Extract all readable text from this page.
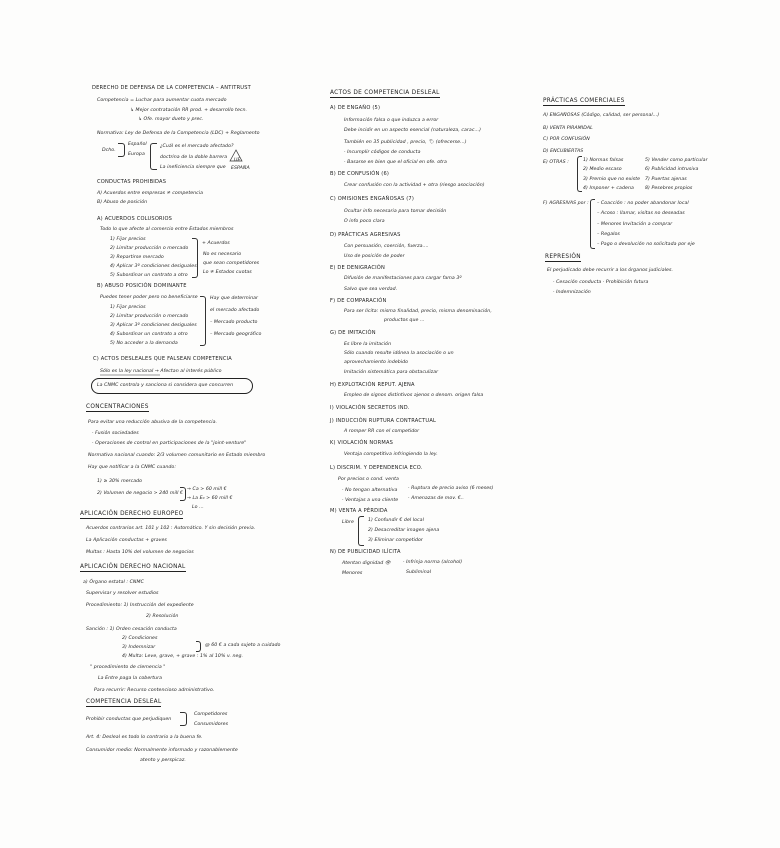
DERECHO DE DEFENSA DE LA COMPETENCIA – ANTITRUST
Competencia = Luchar para aumentar cuota mercado
↳ Mejor contratación RR prod. + desarrollo tecn.
↳ Ofe. mayor dueto y prec.
Normativa: Ley de Defensa de la Competencia (LDC) + Reglamento
Dcho.
Español
Europa
¿Cuál es el mercado afectado?
doctrina de la doble barrera
La ineficiencia siempre que
UE
ESPAÑA
CONDUCTAS PROHIBIDAS
A) Acuerdos entre empresas ≠ competencia
B) Abuso de posición
A) ACUERDOS COLUSORIOS
Todo lo que afecte al comercio entre Estados miembros
1) Fijar precios
2) Limitar producción o mercado
3) Repartirse mercado
4) Aplicar 3º condiciones desiguales
5) Subordinar un contrato a otro
+ Acuerdos
No es necesario
que sean competidores
Lo ≠ Estados cuotas
B) ABUSO POSICIÓN DOMINANTE
Puedes tener poder pero no beneficiarse
1) Fijar precios
2) Limitar producción o mercado
3) Aplicar 3º condiciones desiguales
4) Subordinar un contrato a otro
5) No acceder a la demanda
Hay que determinar
el mercado afectado
– Mercado producto
– Mercado geográfico
C) ACTOS DESLEALES QUE FALSEAN COMPETENCIA
Sólo es la ley nacional → Afectan al interés público
La CNMC controla y sanciona si considera que concurren
CONCENTRACIONES
Para evitar una reducción abusiva de la competencia.
· Fusión sociedades
· Operaciones de control en participaciones de la "joint-venture"
Normativa nacional cuando: 2/3 volumen comunitario en Estado miembro
Hay que notificar a la CNMC cuando:
1) ≥ 30% mercado
2) Volumen de negocio > 240 mill €
→ Ca > 60 mill €
→ La E₀ > 60 mill €
Lo ...
APLICACIÓN DERECHO EUROPEO
Acuerdos contrarios art. 101 y 102 : Automático. Y sin decisión previa.
La Aplicación conductas + graves
Multas : Hasta 10% del volumen de negocios
APLICACIÓN DERECHO NACIONAL
a) Órgano estatal : CNMC
Supervisar y resolver estudios
Procedimiento: 1) Instrucción del expediente
2) Resolución
Sanción : 1) Orden cesación conducta
2) Condiciones
3) Indemnizar
4) Multa: Leve, grave, + grave : 1% al 10% v. neg.
@ 60 € a cada sujeto a cuidado
" procedimiento de clemencia "
La Entre paga la cobertura
Para recurrir: Recurso contencioso administrativo.
COMPETENCIA DESLEAL
Prohibir conductas que perjudiquen
Competidores
Consumidores
Art. 4: Desleal es todo lo contrario a la buena fe.
Consumidor medio: Normalmente informado y razonablemente
atento y perspicaz.
ACTOS DE COMPETENCIA DESLEAL
A) DE ENGAÑO (5)
Información falsa o que induzca a error
Debe incidir en un aspecto esencial (naturaleza, carac...)
También en 35 publicidad , precio, 🏷 (ofrecerse...)
· Incumplir códigos de conducta
· Basarse en bien que el oficial en ofe. otra
B) DE CONFUSIÓN (6)
Crear confusión con la actividad + otra (riesgo asociación)
C) OMISIONES ENGAÑOSAS (7)
Ocultar info necesaria para tomar decisión
O info poco clara
D) PRÁCTICAS AGRESIVAS
Con persuasión, coerción, fuerza....
Uso de posición de poder
E) DE DENIGRACIÓN
Difusión de manifestaciones para cargar fama 3º
Salvo que sea verdad.
F) DE COMPARACIÓN
Para ser lícita: misma finalidad, precio, misma denominación,
productos que ...
G) DE IMITACIÓN
Es libre la imitación
Sólo cuando resulte idónea la asociación o un
aprovechamiento indebido
Imitación sistemática para obstaculizar
H) EXPLOTACIÓN REPUT. AJENA
Empleo de signos distintivos ajenos o denom. origen falsa
I) VIOLACIÓN SECRETOS IND.
J) INDUCCIÓN RUPTURA CONTRACTUAL
A romper RR con el competidor
K) VIOLACIÓN NORMAS
Ventaja competitiva infringiendo la ley.
L) DISCRIM. Y DEPENDENCIA ECO.
Por precios o cond. venta
· No tengan alternativa
· Ventajas a una cliente
· Ruptura de precio aviso (6 meses)
· Amenazas de mov. €..
M) VENTA A PÉRDIDA
Libre	1) Confundir € del local
2) Desacreditar imagen ajena
3) Eliminar competidor
N) DE PUBLICIDAD ILÍCITA
Atentan dignidad 👁
Menores
· Infrinja norma (alcohol)
Subliminal
PRÁCTICAS COMERCIALES
A) ENGAÑOSAS (Código, calidad, ser personal...)
B) VENTA PIRAMIDAL
C) POR CONFUSIÓN
D) ENCUBIERTAS
E) OTRAS :	1) Normas falsas
2) Medio escaso
3) Premio que no existe
4) Imponer + cadena
5) Vender como particular
6) Publicidad intrusiva
7) Puertas ajenas
8) Pesebres propios
F) AGRESIVAS por : – Coacción : no poder abandonar local
– Acoso : llamar, visitas no deseadas
– Menores Invitación a comprar
– Regalos
– Pago o devolución no solicitada por eje
REPRESIÓN
El perjudicado debe recurrir a los órganos judiciales.
· Cesación conducta · Prohibición futura
· Indemnización
